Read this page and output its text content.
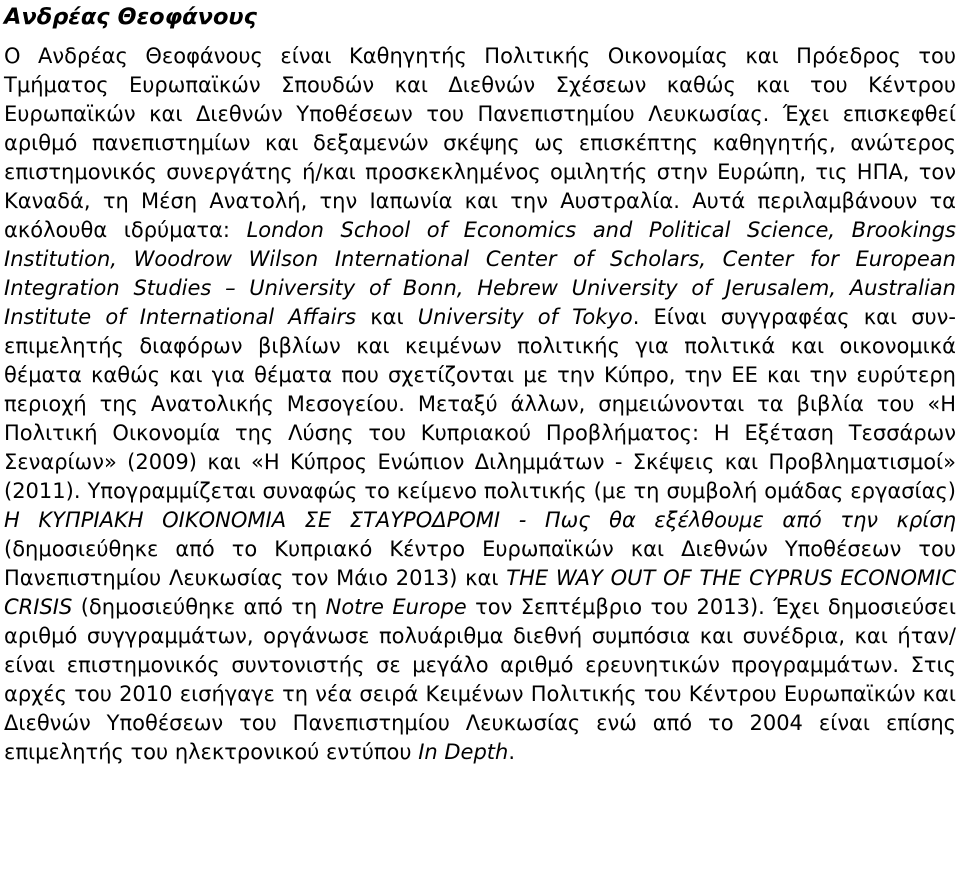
Ανδρέας Θεοφάνους

Ο Ανδρέας Θεοφάνους είναι Καθηγητής Πολιτικής Οικονομίας και Πρόεδρος του Τμήματος Ευρωπαϊκών Σπουδών και Διεθνών Σχέσεων καθώς και του Κέντρου Ευρωπαϊκών και Διεθνών Υποθέσεων του Πανεπιστημίου Λευκωσίας. Έχει επισκεφθεί αριθμό πανεπιστημίων και δεξαμενών σκέψης ως επισκέπτης καθηγητής, ανώτερος επιστημονικός συνεργάτης ή/και προσκεκλημένος ομιλητής στην Ευρώπη, τις ΗΠΑ, τον Καναδά, τη Μέση Ανατολή, την Ιαπωνία και την Αυστραλία. Αυτά περιλαμβάνουν τα ακόλουθα ιδρύματα: London School of Economics and Political Science, Brookings Institution, Woodrow Wilson International Center of Scholars, Center for European Integration Studies – University of Bonn, Hebrew University of Jerusalem, Australian Institute of International Affairs και University of Tokyo. Είναι συγγραφέας και συν-επιμελητής διαφόρων βιβλίων και κειμένων πολιτικής για πολιτικά και οικονομικά θέματα καθώς και για θέματα που σχετίζονται με την Κύπρο, την ΕΕ και την ευρύτερη περιοχή της Ανατολικής Μεσογείου. Μεταξύ άλλων, σημειώνονται τα βιβλία του «Η Πολιτική Οικονομία της Λύσης του Κυπριακού Προβλήματος: Η Εξέταση Τεσσάρων Σεναρίων» (2009) και «Η Κύπρος Ενώπιον Διλημμάτων - Σκέψεις και Προβληματισμοί» (2011). Υπογραμμίζεται συναφώς το κείμενο πολιτικής (με τη συμβολή ομάδας εργασίας) Η ΚΥΠΡΙΑΚΗ ΟΙΚΟΝΟΜΙΑ ΣΕ ΣΤΑΥΡΟΔΡΟΜΙ - Πως θα εξέλθουμε από την κρίση (δημοσιεύθηκε από το Κυπριακό Κέντρο Ευρωπαϊκών και Διεθνών Υποθέσεων του Πανεπιστημίου Λευκωσίας τον Μάιο 2013) και THE WAY OUT OF THE CYPRUS ECONOMIC CRISIS (δημοσιεύθηκε από τη Notre Europe τον Σεπτέμβριο του 2013). Έχει δημοσιεύσει αριθμό συγγραμμάτων, οργάνωσε πολυάριθμα διεθνή συμπόσια και συνέδρια, και ήταν/είναι επιστημονικός συντονιστής σε μεγάλο αριθμό ερευνητικών προγραμμάτων. Στις αρχές του 2010 εισήγαγε τη νέα σειρά Κειμένων Πολιτικής του Κέντρου Ευρωπαϊκών και Διεθνών Υποθέσεων του Πανεπιστημίου Λευκωσίας ενώ από το 2004 είναι επίσης επιμελητής του ηλεκτρονικού εντύπου In Depth.
